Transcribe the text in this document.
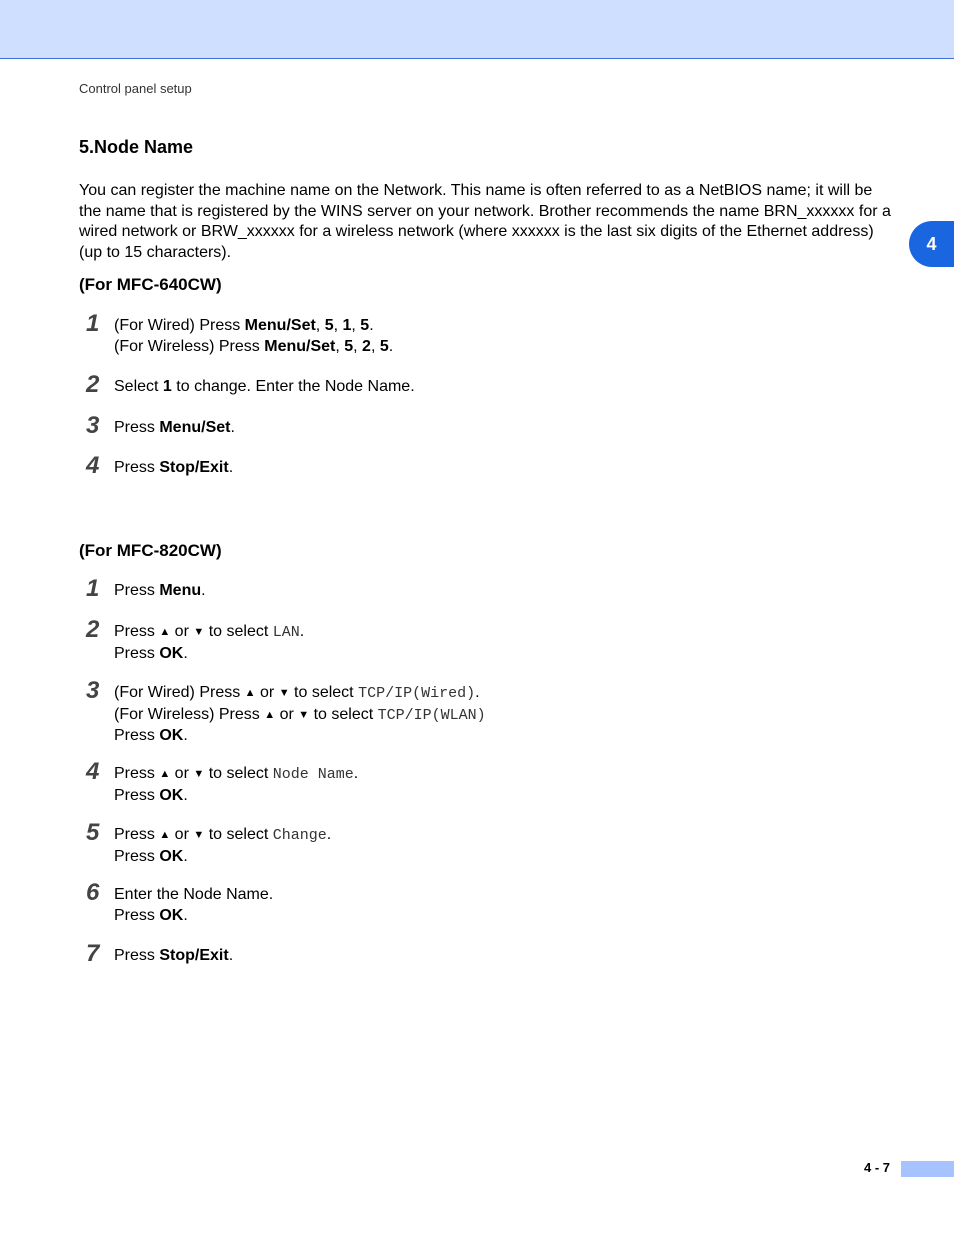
Control panel setup
4
5.Node Name

You can register the machine name on the Network. This name is often referred to as a NetBIOS name; it will be the name that is registered by the WINS server on your network. Brother recommends the name BRN_xxxxxx for a wired network or BRW_xxxxxx for a wireless network (where xxxxxx is the last six digits of the Ethernet address) (up to 15 characters).

(For MFC-640CW)
1 (For Wired) Press Menu/Set, 5, 1, 5.
(For Wireless) Press Menu/Set, 5, 2, 5.
2 Select 1 to change. Enter the Node Name.
3 Press Menu/Set.
4 Press Stop/Exit.
(For MFC-820CW)
1 Press Menu.
2 Press ▲ or ▼ to select LAN.
Press OK.
3 (For Wired) Press ▲ or ▼ to select TCP/IP(Wired).
(For Wireless) Press ▲ or ▼ to select TCP/IP(WLAN)
Press OK.
4 Press ▲ or ▼ to select Node Name.
Press OK.
5 Press ▲ or ▼ to select Change.
Press OK.
6 Enter the Node Name.
Press OK.
7 Press Stop/Exit.
4 - 7
